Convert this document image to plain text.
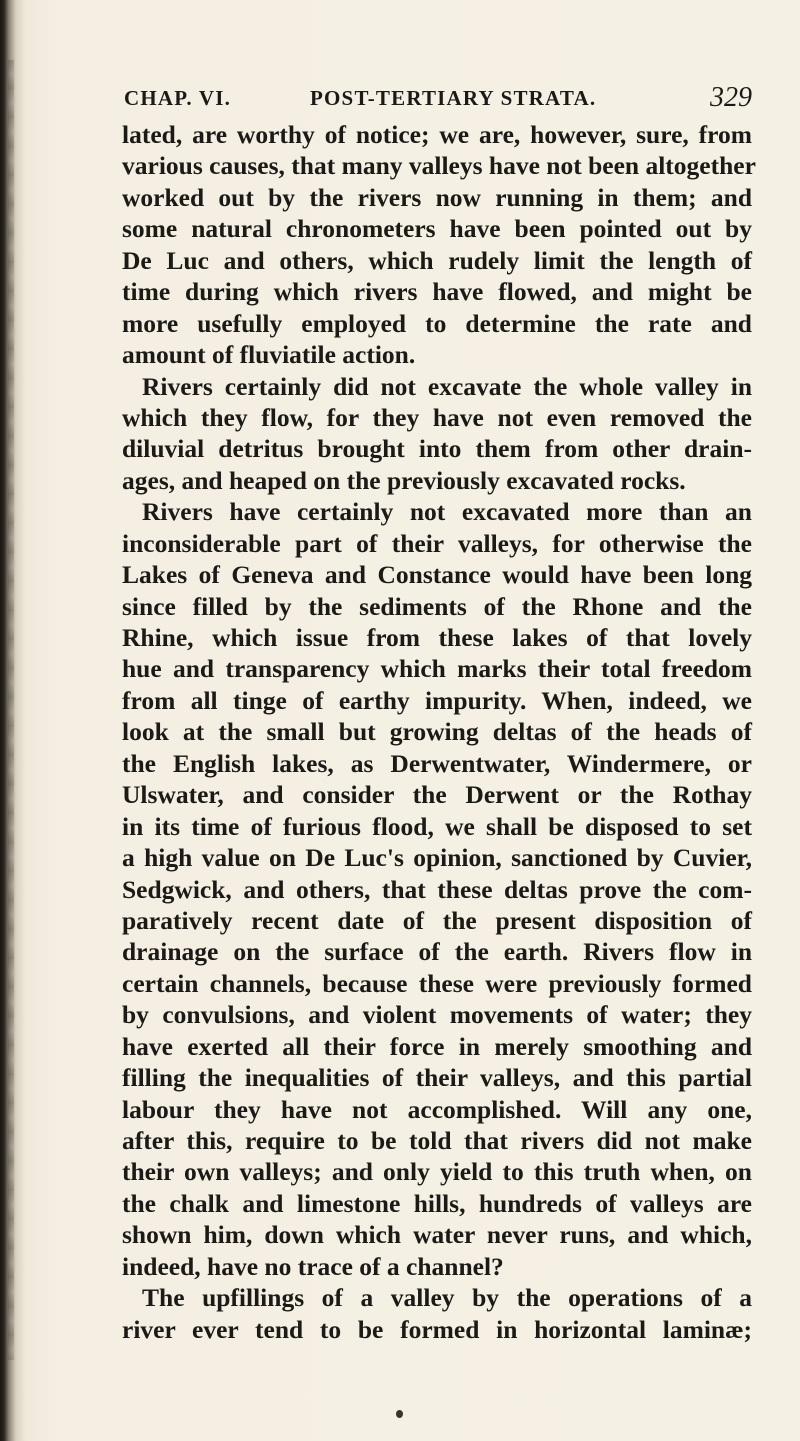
CHAP. VI.	POST-TERTIARY STRATA.	329
lated, are worthy of notice; we are, however, sure, from
various causes, that many valleys have not been altogether
worked out by the rivers now running in them; and
some natural chronometers have been pointed out by
De Luc and others, which rudely limit the length of
time during which rivers have flowed, and might be
more usefully employed to determine the rate and
amount of fluviatile action.
Rivers certainly did not excavate the whole valley in
which they flow, for they have not even removed the
diluvial detritus brought into them from other drain-
ages, and heaped on the previously excavated rocks.
Rivers have certainly not excavated more than an
inconsiderable part of their valleys, for otherwise the
Lakes of Geneva and Constance would have been long
since filled by the sediments of the Rhone and the
Rhine, which issue from these lakes of that lovely
hue and transparency which marks their total freedom
from all tinge of earthy impurity. When, indeed, we
look at the small but growing deltas of the heads of
the English lakes, as Derwentwater, Windermere, or
Ulswater, and consider the Derwent or the Rothay
in its time of furious flood, we shall be disposed to set
a high value on De Luc's opinion, sanctioned by Cuvier,
Sedgwick, and others, that these deltas prove the com-
paratively recent date of the present disposition of
drainage on the surface of the earth. Rivers flow in
certain channels, because these were previously formed
by convulsions, and violent movements of water; they
have exerted all their force in merely smoothing and
filling the inequalities of their valleys, and this partial
labour they have not accomplished. Will any one,
after this, require to be told that rivers did not make
their own valleys; and only yield to this truth when, on
the chalk and limestone hills, hundreds of valleys are
shown him, down which water never runs, and which,
indeed, have no trace of a channel?
The upfillings of a valley by the operations of a
river ever tend to be formed in horizontal laminæ;
